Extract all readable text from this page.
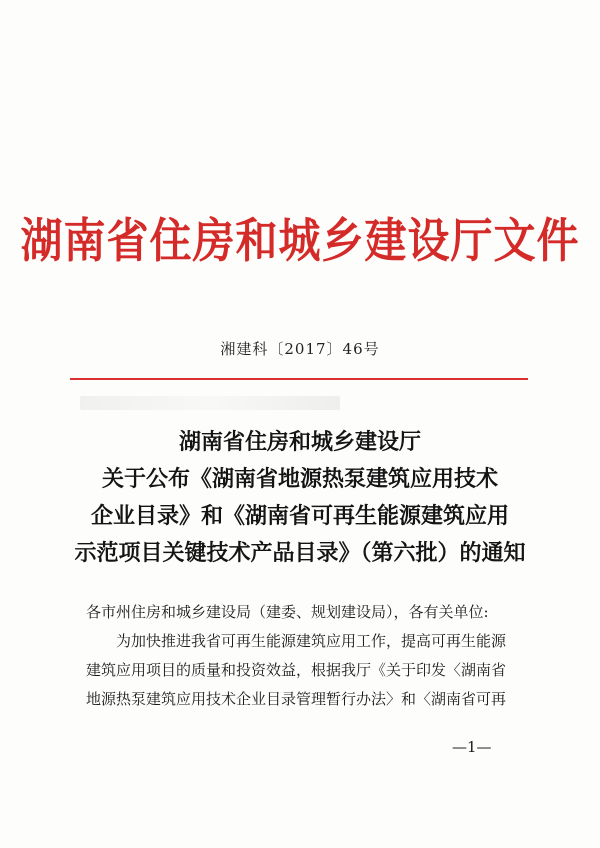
湖南省住房和城乡建设厅文件
湘建科〔2017〕46号
湖南省住房和城乡建设厅
关于公布《湖南省地源热泵建筑应用技术
企业目录》和《湖南省可再生能源建筑应用
示范项目关键技术产品目录》（第六批）的通知
各市州住房和城乡建设局（建委、规划建设局），各有关单位:
为加快推进我省可再生能源建筑应用工作，提高可再生能源
建筑应用项目的质量和投资效益，根据我厅《关于印发〈湖南省
地源热泵建筑应用技术企业目录管理暂行办法〉和〈湖南省可再
—1—
